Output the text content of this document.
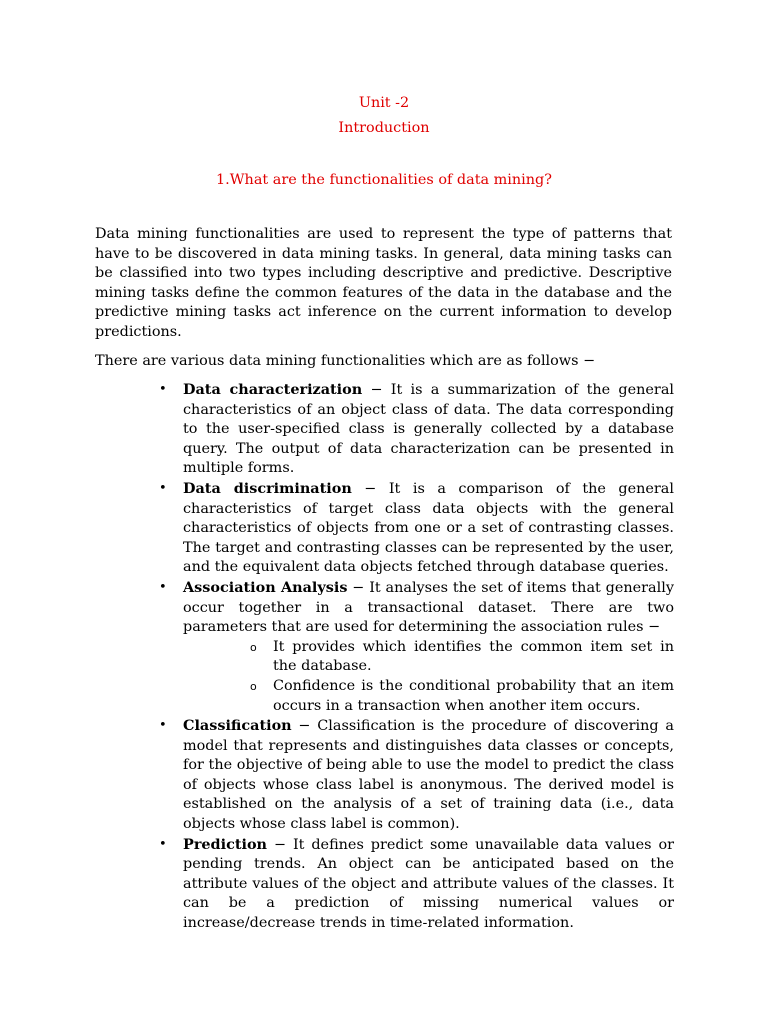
Unit -2
Introduction
1.What are the functionalities of data mining?

Data mining functionalities are used to represent the type of patterns that have to be discovered in data mining tasks. In general, data mining tasks can be classified into two types including descriptive and predictive. Descriptive mining tasks define the common features of the data in the database and the predictive mining tasks act inference on the current information to develop predictions.

There are various data mining functionalities which are as follows −

• Data characterization − It is a summarization of the general characteristics of an object class of data. The data corresponding to the user-specified class is generally collected by a database query. The output of data characterization can be presented in multiple forms.
• Data discrimination − It is a comparison of the general characteristics of target class data objects with the general characteristics of objects from one or a set of contrasting classes. The target and contrasting classes can be represented by the user, and the equivalent data objects fetched through database queries.
• Association Analysis − It analyses the set of items that generally occur together in a transactional dataset. There are two parameters that are used for determining the association rules −
o It provides which identifies the common item set in the database.
o Confidence is the conditional probability that an item occurs in a transaction when another item occurs.
• Classification − Classification is the procedure of discovering a model that represents and distinguishes data classes or concepts, for the objective of being able to use the model to predict the class of objects whose class label is anonymous. The derived model is established on the analysis of a set of training data (i.e., data objects whose class label is common).
• Prediction − It defines predict some unavailable data values or pending trends. An object can be anticipated based on the attribute values of the object and attribute values of the classes. It can be a prediction of missing numerical values or increase/decrease trends in time-related information.
